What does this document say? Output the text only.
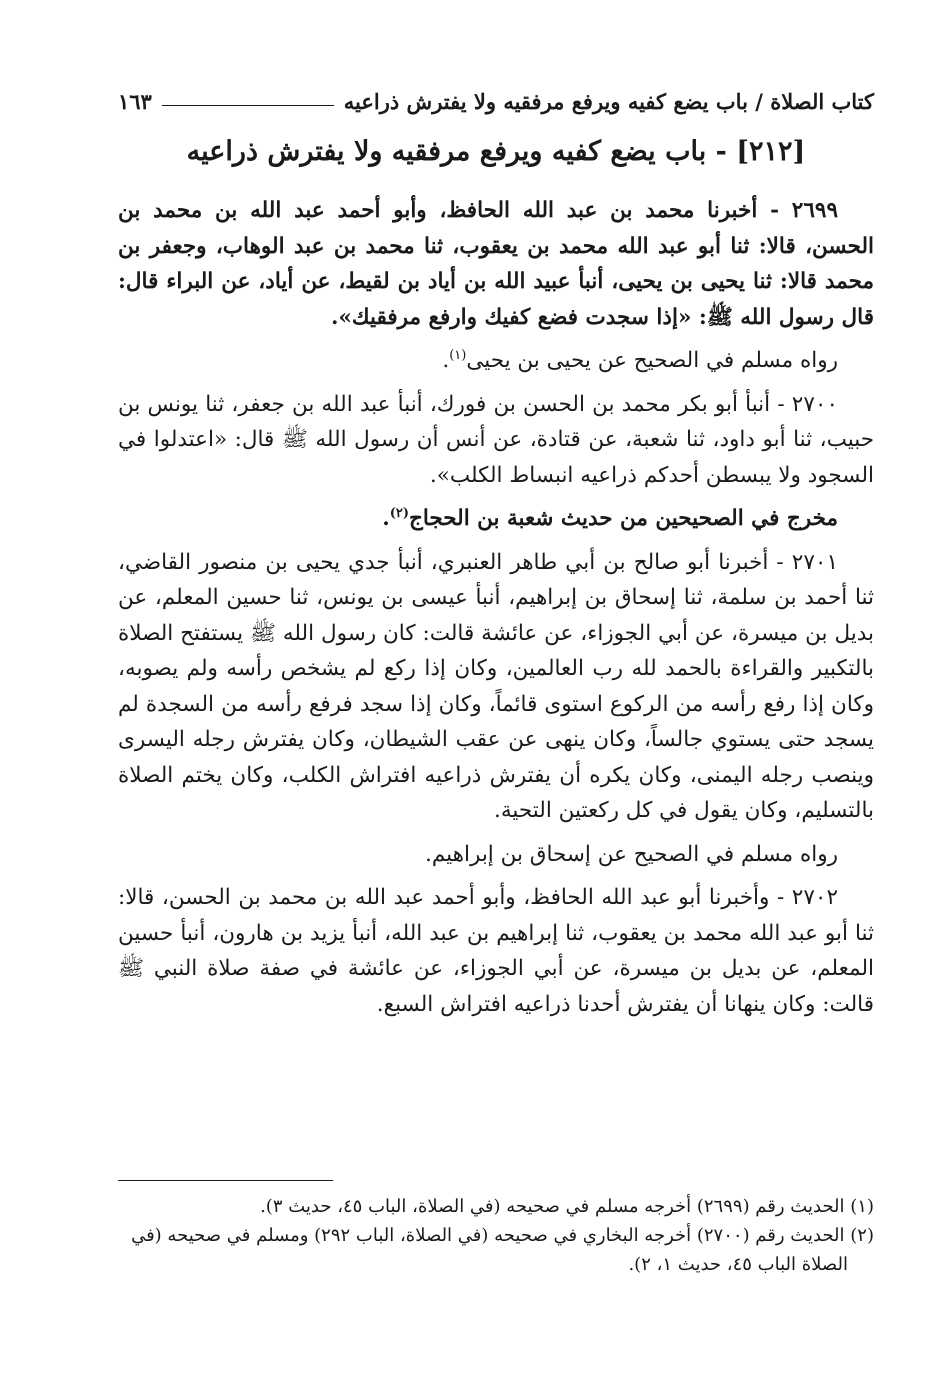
كتاب الصلاة / باب يضع كفيه ويرفع مرفقيه ولا يفترش ذراعيه
١٦٣
[٢١٢] - باب يضع كفيه ويرفع مرفقيه ولا يفترش ذراعيه

٢٦٩٩ - أخبرنا محمد بن عبد الله الحافظ، وأبو أحمد عبد الله بن محمد بن الحسن، قالا: ثنا أبو عبد الله محمد بن يعقوب، ثنا محمد بن عبد الوهاب، وجعفر بن محمد قالا: ثنا يحيى بن يحيى، أنبأ عبيد الله بن أياد بن لقيط، عن أياد، عن البراء قال: قال رسول الله ﷺ: «إذا سجدت فضع كفيك وارفع مرفقيك».

رواه مسلم في الصحيح عن يحيى بن يحيى$^{(١)}$.

٢٧٠٠ - أنبأ أبو بكر محمد بن الحسن بن فورك، أنبأ عبد الله بن جعفر، ثنا يونس بن حبيب، ثنا أبو داود، ثنا شعبة، عن قتادة، عن أنس أن رسول الله ﷺ قال: «اعتدلوا في السجود ولا يبسطن أحدكم ذراعيه انبساط الكلب».

مخرج في الصحيحين من حديث شعبة بن الحجاج$^{(٢)}$.

٢٧٠١ - أخبرنا أبو صالح بن أبي طاهر العنبري، أنبأ جدي يحيى بن منصور القاضي، ثنا أحمد بن سلمة، ثنا إسحاق بن إبراهيم، أنبأ عيسى بن يونس، ثنا حسين المعلم، عن بديل بن ميسرة، عن أبي الجوزاء، عن عائشة قالت: كان رسول الله ﷺ يستفتح الصلاة بالتكبير والقراءة بالحمد لله رب العالمين، وكان إذا ركع لم يشخص رأسه ولم يصوبه، وكان إذا رفع رأسه من الركوع استوى قائماً، وكان إذا سجد فرفع رأسه من السجدة لم يسجد حتى يستوي جالساً، وكان ينهى عن عقب الشيطان، وكان يفترش رجله اليسرى وينصب رجله اليمنى، وكان يكره أن يفترش ذراعيه افتراش الكلب، وكان يختم الصلاة بالتسليم، وكان يقول في كل ركعتين التحية.

رواه مسلم في الصحيح عن إسحاق بن إبراهيم.

٢٧٠٢ - وأخبرنا أبو عبد الله الحافظ، وأبو أحمد عبد الله بن محمد بن الحسن، قالا: ثنا أبو عبد الله محمد بن يعقوب، ثنا إبراهيم بن عبد الله، أنبأ يزيد بن هارون، أنبأ حسين المعلم، عن بديل بن ميسرة، عن أبي الجوزاء، عن عائشة في صفة صلاة النبي ﷺ قالت: وكان ينهانا أن يفترش أحدنا ذراعيه افتراش السبع.

(١) الحديث رقم (٢٦٩٩) أخرجه مسلم في صحيحه (في الصلاة، الباب ٤٥، حديث ٣).

(٢) الحديث رقم (٢٧٠٠) أخرجه البخاري في صحيحه (في الصلاة، الباب ٢٩٢) ومسلم في صحيحه (في
الصلاة الباب ٤٥، حديث ١، ٢).
